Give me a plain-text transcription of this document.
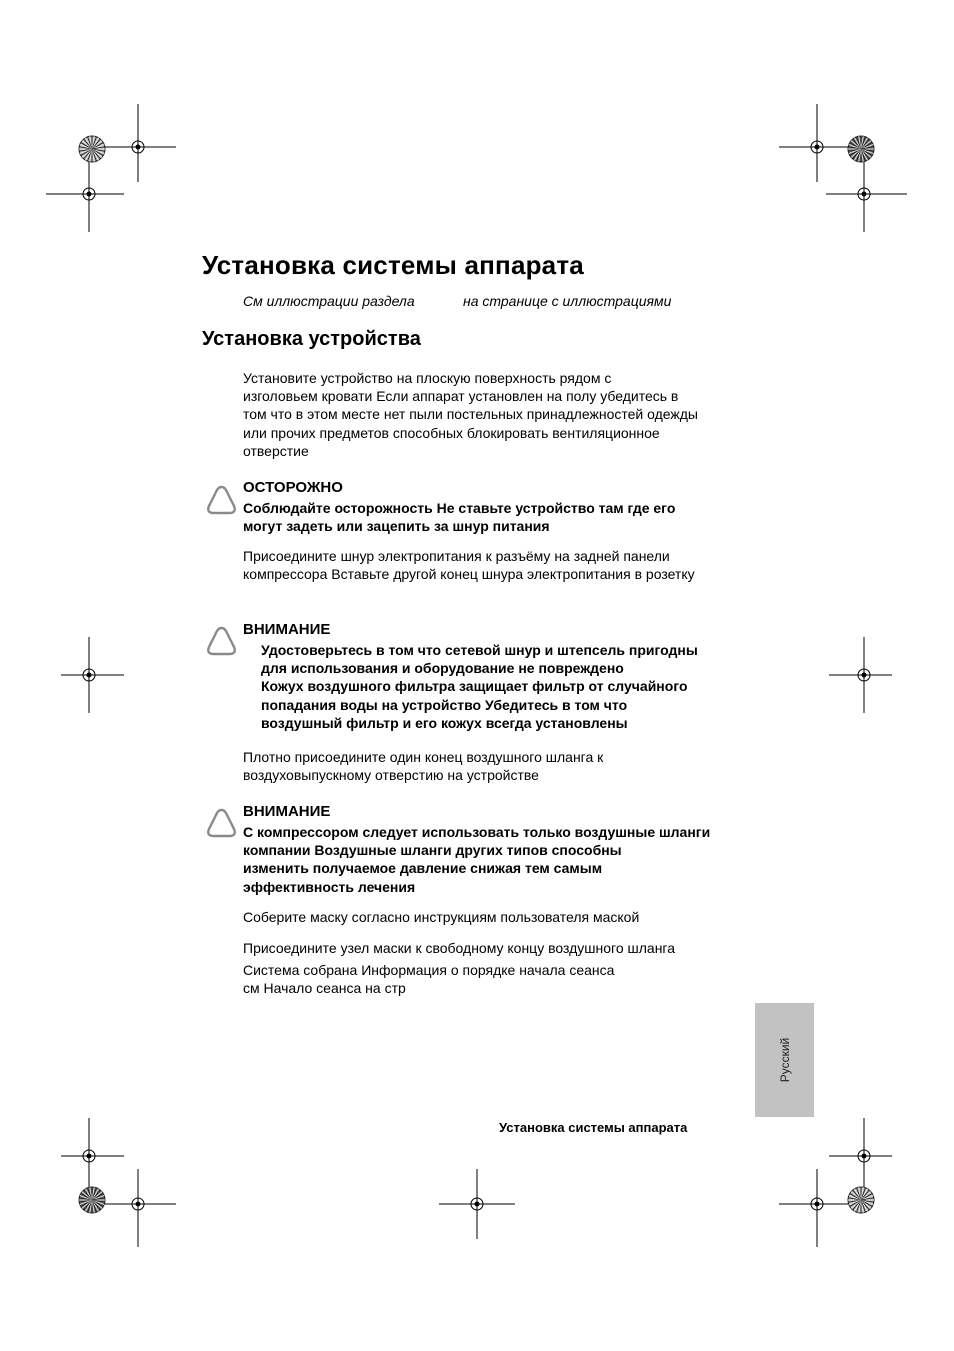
Установка системы аппарата
См иллюстрации раздела	на странице с иллюстрациями
Установка устройства
Установите устройство на плоскую поверхность рядом с
изголовьем кровати Если аппарат установлен на полу убедитесь в
том что в этом месте нет пыли постельных принадлежностей одежды
или прочих предметов способных блокировать вентиляционное
отверстие
ОСТОРОЖНО
Соблюдайте осторожность Не ставьте устройство там где его
могут задеть или зацепить за шнур питания
Присоедините шнур электропитания к разъёму на задней панели
компрессора Вставьте другой конец шнура электропитания в розетку
ВНИМАНИЕ
Удостоверьтесь в том что сетевой шнур и штепсель пригодны
для использования и оборудование не повреждено
Кожух воздушного фильтра защищает фильтр от случайного
попадания воды на устройство Убедитесь в том что
воздушный фильтр и его кожух всегда установлены
Плотно присоедините один конец воздушного шланга к
воздуховыпускному отверстию на устройстве
ВНИМАНИЕ
С компрессором следует использовать только воздушные шланги
компании Воздушные шланги других типов способны
изменить получаемое давление снижая тем самым
эффективность лечения
Соберите маску согласно инструкциям пользователя маской
Присоедините узел маски к свободному концу воздушного шланга
Система собрана Информация о порядке начала сеанса
см Начало сеанса на стр
Русский
Установка системы аппарата
